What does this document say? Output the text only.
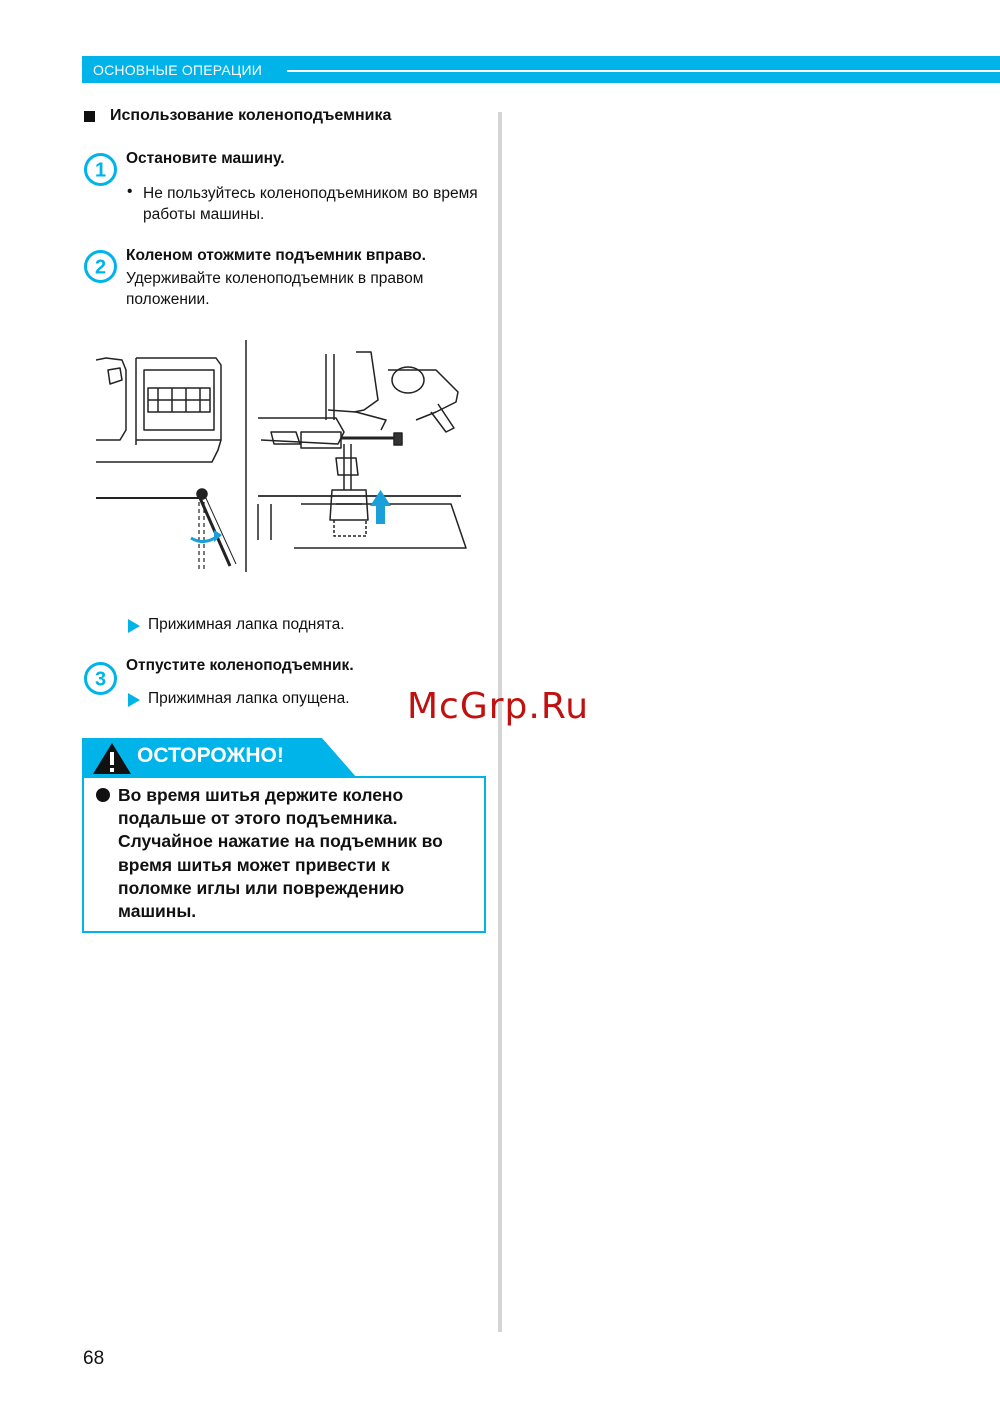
ОСНОВНЫЕ ОПЕРАЦИИ
Использование коленоподъемника
1
Остановите машину.
• Не пользуйтесь коленоподъемником во время работы машины.
2
Коленом отожмите подъемник вправо.
Удерживайте коленоподъемник в правом положении.
Прижимная лапка поднята.
3
Отпустите коленоподъемник.
Прижимная лапка опущена. McGrp.Ru
ОСТОРОЖНО!
Во время шитья держите колено подальше от этого подъемника. Случайное нажатие на подъемник во время шитья может привести к поломке иглы или повреждению машины.
68
